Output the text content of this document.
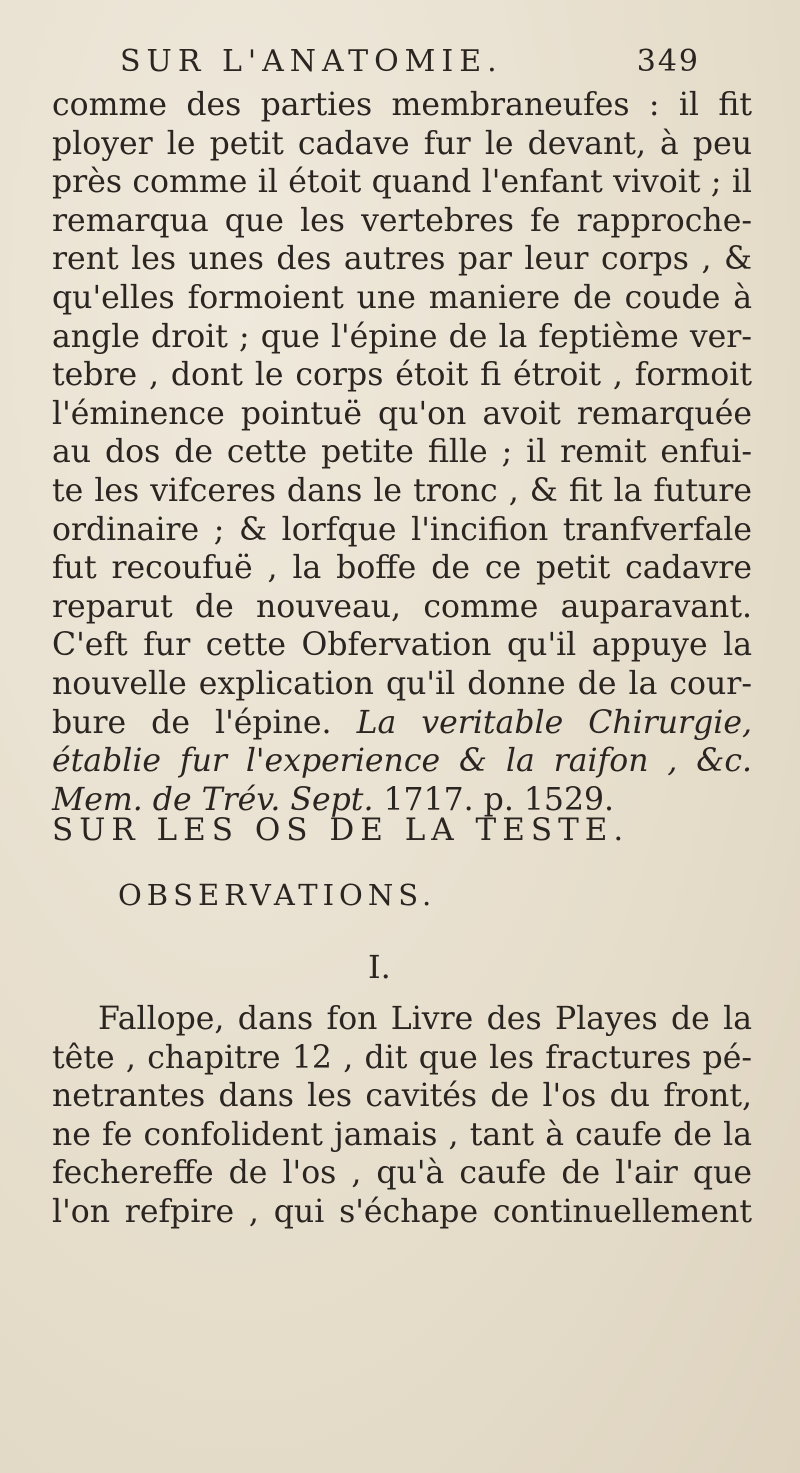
SUR L'ANATOMIE.	349
comme des parties membraneufes : il fit
ployer le petit cadave fur le devant, à peu
près comme il étoit quand l'enfant vivoit ; il
remarqua que les vertebres fe rapproche-
rent les unes des autres par leur corps , &
qu'elles formoient une maniere de coude à
angle droit ; que l'épine de la feptième ver-
tebre , dont le corps étoit fi étroit , formoit
l'éminence pointuë qu'on avoit remarquée
au dos de cette petite fille ; il remit enfui-
te les vifceres dans le tronc , & fit la future
ordinaire ; & lorfque l'incifion tranfverfale
fut recoufuë , la boffe de ce petit cadavre
reparut de nouveau, comme auparavant.
C'eft fur cette Obfervation qu'il appuye la
nouvelle explication qu'il donne de la cour-
bure de l'épine. La veritable Chirurgie,
établie fur l'experience & la raifon , &c.
Mem. de Trév. Sept. 1717. p. 1529.
SUR LES OS DE LA TESTE.
OBSERVATIONS.
I.
Fallope, dans fon Livre des Playes de la
tête , chapitre 12 , dit que les fractures pé-
netrantes dans les cavités de l'os du front,
ne fe confolident jamais , tant à caufe de la
fechereffe de l'os , qu'à caufe de l'air que
l'on refpire , qui s'échape continuellement
